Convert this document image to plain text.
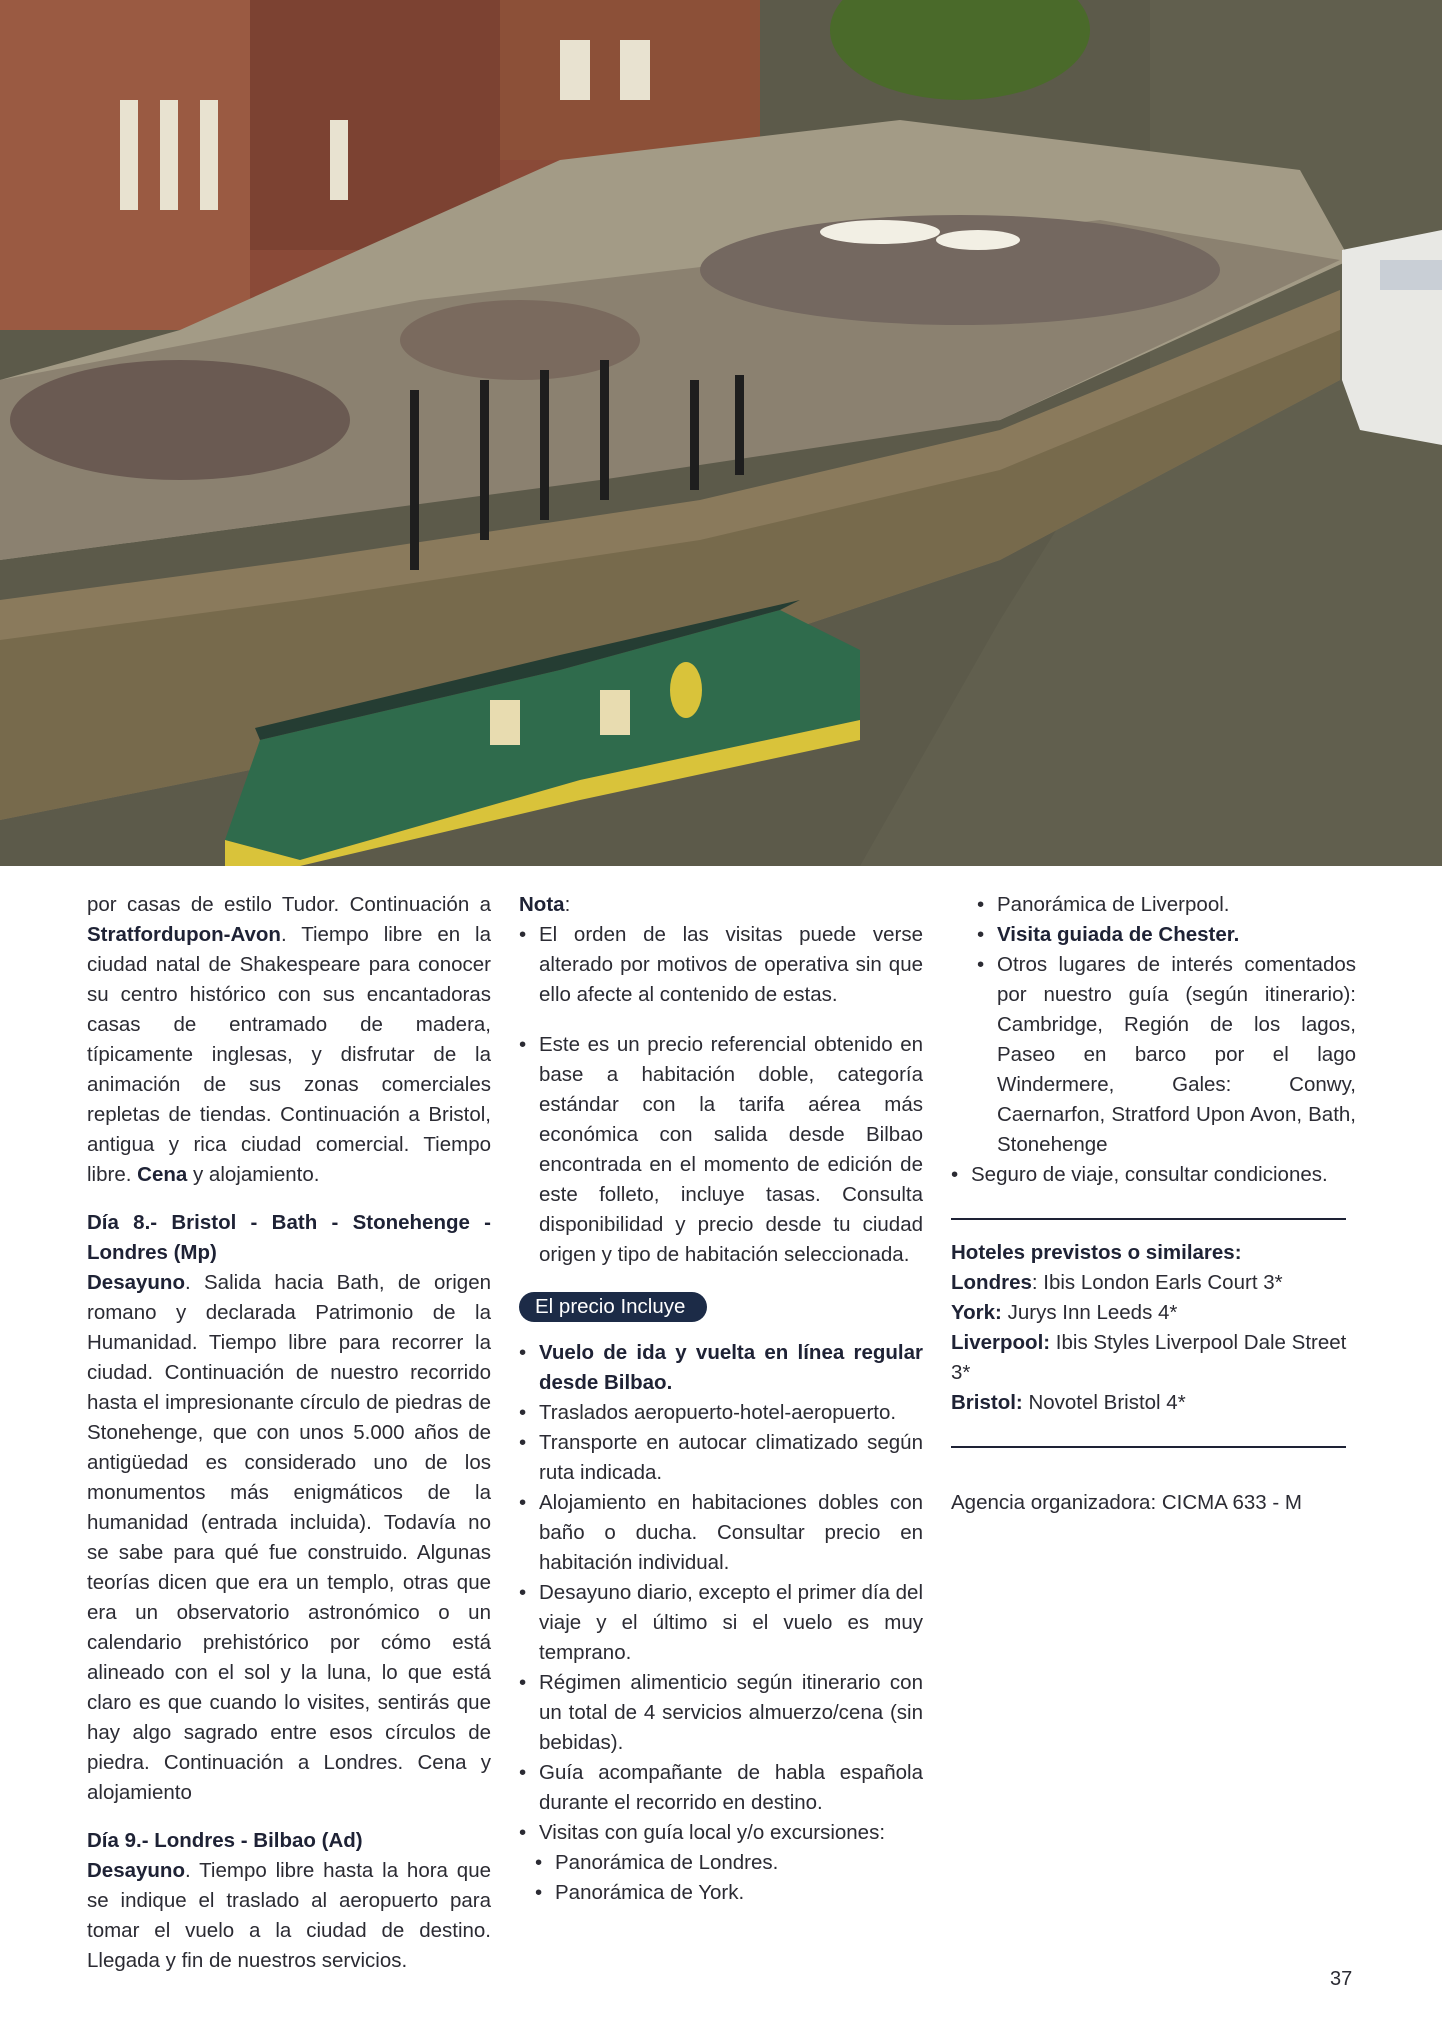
por casas de estilo Tudor. Continuación a Stratfordupon-Avon. Tiempo libre en la ciudad natal de Shakespeare para conocer su centro histórico con sus encantadoras casas de entramado de madera, típicamente inglesas, y disfrutar de la animación de sus zonas comerciales repletas de tiendas. Continuación a Bristol, antigua y rica ciudad comercial. Tiempo libre. Cena y alojamiento.

Día 8.- Bristol - Bath - Stonehenge - Londres (Mp)

Desayuno. Salida hacia Bath, de origen romano y declarada Patrimonio de la Humanidad. Tiempo libre para recorrer la ciudad. Continuación de nuestro recorrido hasta el impresionante círculo de piedras de Stonehenge, que con unos 5.000 años de antigüedad es considerado uno de los monumentos más enigmáticos de la humanidad (entrada incluida). Todavía no se sabe para qué fue construido. Algunas teorías dicen que era un templo, otras que era un observatorio astronómico o un calendario prehistórico por cómo está alineado con el sol y la luna, lo que está claro es que cuando lo visites, sentirás que hay algo sagrado entre esos círculos de piedra. Continuación a Londres. Cena y alojamiento

Día 9.- Londres - Bilbao (Ad)

Desayuno. Tiempo libre hasta la hora que se indique el traslado al aeropuerto para tomar el vuelo a la ciudad de destino. Llegada y fin de nuestros servicios.

Nota:

• El orden de las visitas puede verse alterado por motivos de operativa sin que ello afecte al contenido de estas.
• Este es un precio referencial obtenido en base a habitación doble, categoría estándar con la tarifa aérea más económica con salida desde Bilbao encontrada en el momento de edición de este folleto, incluye tasas. Consulta disponibilidad y precio desde tu ciudad origen y tipo de habitación seleccionada.
El precio Incluye
• Vuelo de ida y vuelta en línea regular desde Bilbao.
• Traslados aeropuerto-hotel-aeropuerto.
• Transporte en autocar climatizado según ruta indicada.
• Alojamiento en habitaciones dobles con baño o ducha. Consultar precio en habitación individual.
• Desayuno diario, excepto el primer día del viaje y el último si el vuelo es muy temprano.
• Régimen alimenticio según itinerario con un total de 4 servicios almuerzo/cena (sin bebidas).
• Guía acompañante de habla española durante el recorrido en destino.
• Visitas con guía local y/o excursiones:
• Panorámica de Londres.
• Panorámica de York.
• Panorámica de Liverpool.
• Visita guiada de Chester.
• Otros lugares de interés comentados por nuestro guía (según itinerario): Cambridge, Región de los lagos, Paseo en barco por el lago Windermere, Gales: Conwy, Caernarfon, Stratford Upon Avon, Bath, Stonehenge
• Seguro de viaje, consultar condiciones.

Hoteles previstos o similares:

Londres: Ibis London Earls Court 3*

York: Jurys Inn Leeds 4*

Liverpool: Ibis Styles Liverpool Dale Street 3*

Bristol: Novotel Bristol 4*

Agencia organizadora: CICMA 633 - M

37
